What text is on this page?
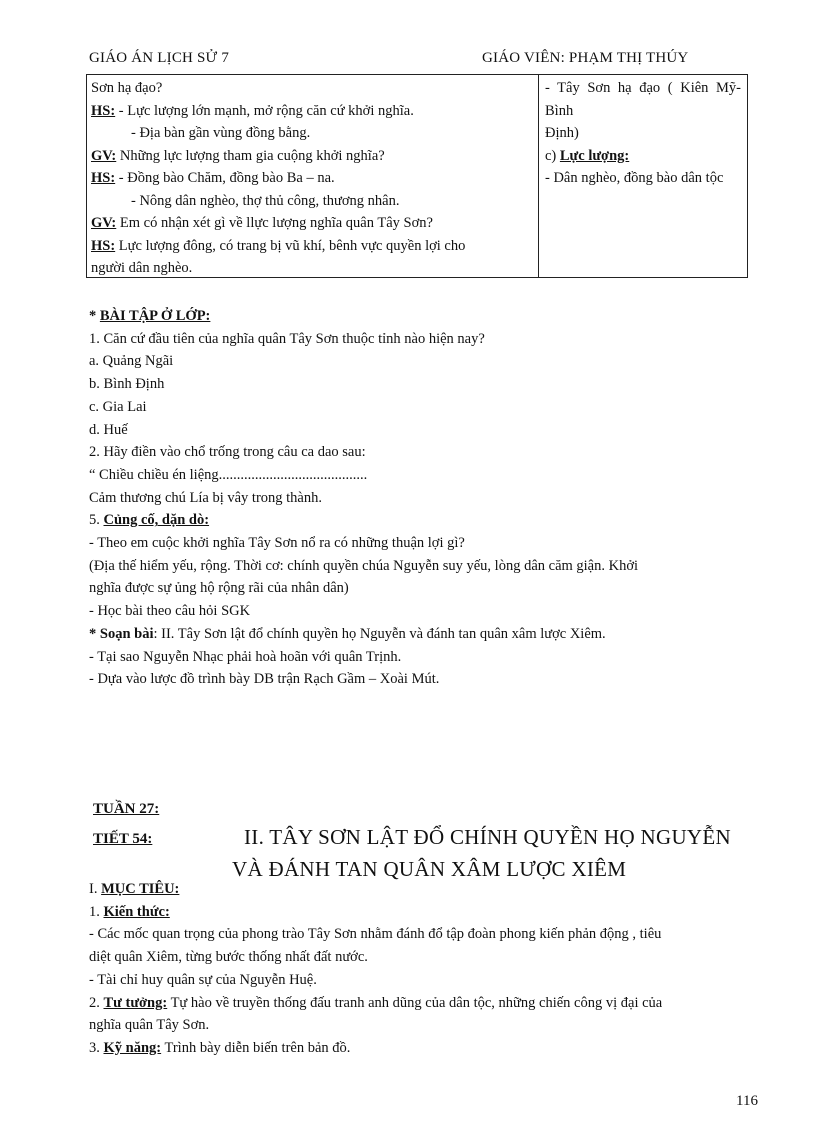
GIÁO ÁN LỊCH SỬ 7	GIÁO VIÊN: PHẠM THỊ THÚY
Sơn hạ đạo?
HS: - Lực lượng lớn mạnh, mở rộng căn cứ khởi nghĩa.
- Địa bàn gần vùng đồng bằng.
GV: Những lực lượng tham gia cuộng khởi nghĩa?
HS: - Đồng bào Chăm, đồng bào Ba – na.
- Nông dân nghèo, thợ thủ công, thương nhân.
GV: Em có nhận xét gì về llực lượng nghĩa quân Tây Sơn?
HS: Lực lượng đông, có trang bị vũ khí, bênh vực quyền lợi cho
người dân nghèo.
- Tây Sơn hạ đạo ( Kiên Mỹ- Bình
Định)
c) Lực lượng:
- Dân nghèo, đồng bào dân tộc
* BÀI TẬP Ở LỚP:
1. Căn cứ đầu tiên của nghĩa quân Tây Sơn thuộc tỉnh nào hiện nay?
a. Quảng Ngãi
b. Bình Định
c. Gia Lai
d. Huế
2. Hãy điền vào chổ trống trong câu ca dao sau:
“ Chiều chiều én liệng.........................................
Cảm thương chú Lía bị vây trong thành.
5. Củng cố, dặn dò:
- Theo em cuộc khởi nghĩa Tây Sơn nổ ra có những thuận lợi gì?
(Địa thế hiểm yếu, rộng. Thời cơ: chính quyền chúa Nguyễn suy yếu, lòng dân căm giận. Khởi
nghĩa được sự ủng hộ rộng rãi của nhân dân)
- Học bài theo câu hỏi SGK
* Soạn bài: II. Tây Sơn lật đổ chính quyền họ Nguyễn và đánh tan quân xâm lược Xiêm.
- Tại sao Nguyễn Nhạc phải hoà hoãn với quân Trịnh.
- Dựa vào lược đồ trình bày DB trận Rạch Gầm – Xoài Mút.
TUẦN 27:
TIẾT 54:	II. TÂY SƠN LẬT ĐỔ CHÍNH QUYỀN HỌ NGUYỄN
VÀ ĐÁNH TAN QUÂN XÂM LƯỢC XIÊM
I. MỤC TIÊU:
1. Kiến thức:
- Các mốc quan trọng của phong trào Tây Sơn nhằm đánh đổ tập đoàn phong kiến phản động , tiêu
diệt quân Xiêm, từng bước thống nhất đất nước.
- Tài chỉ huy quân sự của Nguyễn Huệ.
2. Tư tưởng: Tự hào về truyền thống đấu tranh anh dũng của dân tộc, những chiến công vị đại của
nghĩa quân Tây Sơn.
3. Kỹ năng: Trình bày diễn biến trên bản đồ.
116
